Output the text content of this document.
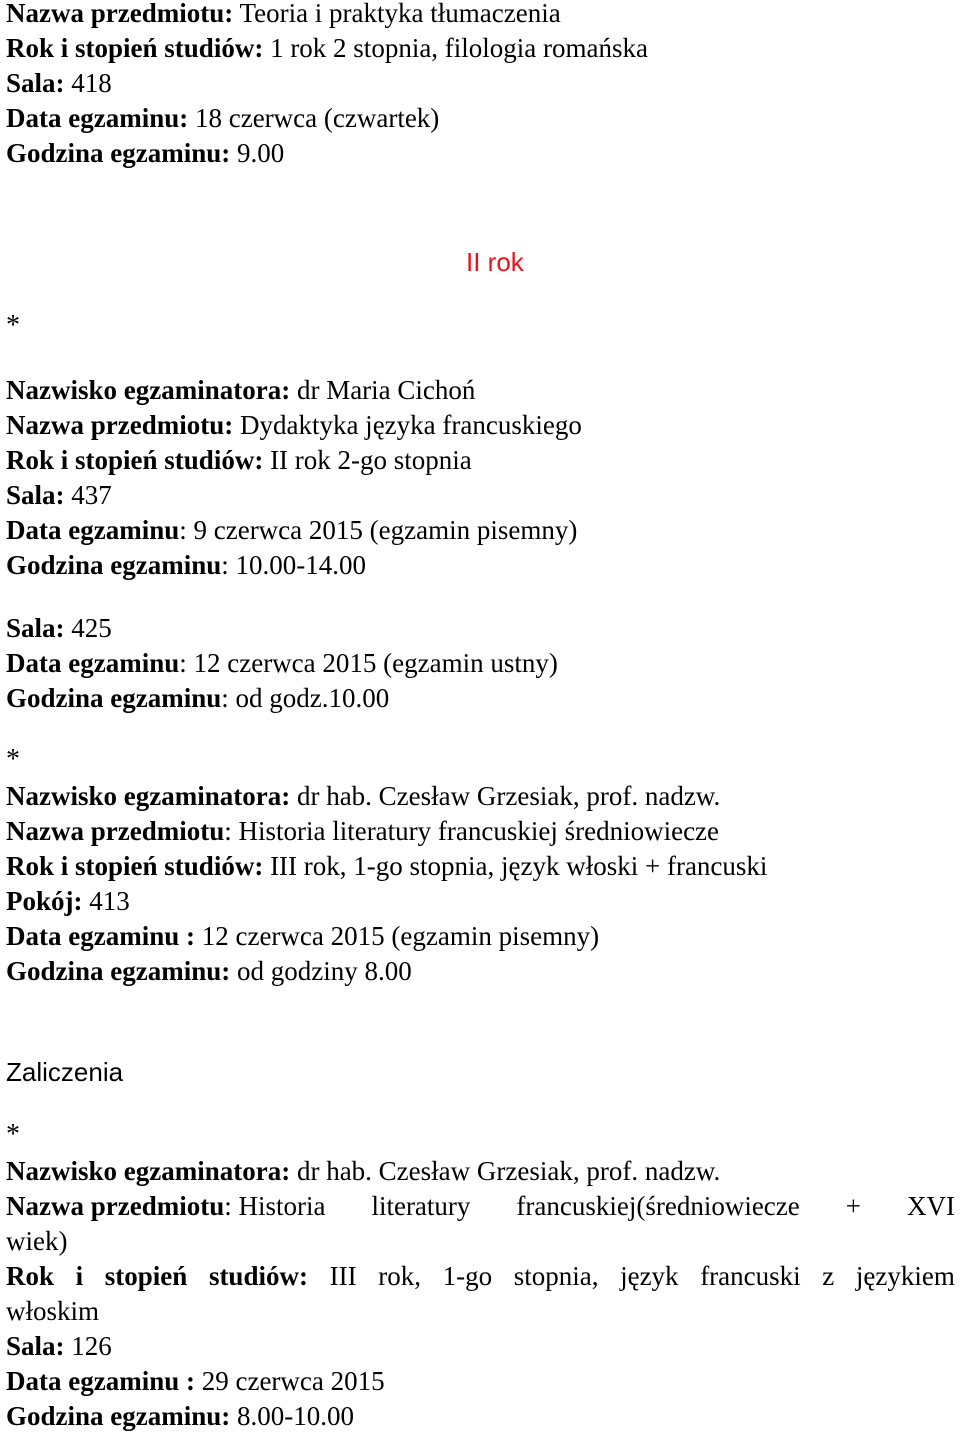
Nazwa przedmiotu: Teoria i praktyka tłumaczenia
Rok i stopień studiów: 1 rok 2 stopnia, filologia romańska
Sala: 418
Data egzaminu: 18 czerwca (czwartek)
Godzina egzaminu: 9.00
II rok
*
Nazwisko egzaminatora: dr Maria Cichoń
Nazwa przedmiotu: Dydaktyka języka francuskiego
Rok i stopień studiów: II rok 2-go stopnia
Sala: 437
Data egzaminu: 9 czerwca 2015 (egzamin pisemny)
Godzina egzaminu: 10.00-14.00
Sala: 425
Data egzaminu: 12 czerwca 2015 (egzamin ustny)
Godzina egzaminu: od godz.10.00
*
Nazwisko egzaminatora: dr hab. Czesław Grzesiak, prof. nadzw.
Nazwa przedmiotu: Historia literatury francuskiej średniowiecze
Rok i stopień studiów: III rok, 1-go stopnia, język włoski + francuski
Pokój: 413
Data egzaminu : 12 czerwca 2015 (egzamin pisemny)
Godzina egzaminu: od godziny 8.00
Zaliczenia
*
Nazwisko egzaminatora: dr hab. Czesław Grzesiak, prof. nadzw.
Nazwa przedmiotu: Historia literatury francuskiej(średniowiecze + XVI
wiek)
Rok i stopień studiów: III rok, 1-go stopnia, język francuski z językiem
włoskim
Sala: 126
Data egzaminu : 29 czerwca 2015
Godzina egzaminu: 8.00-10.00
